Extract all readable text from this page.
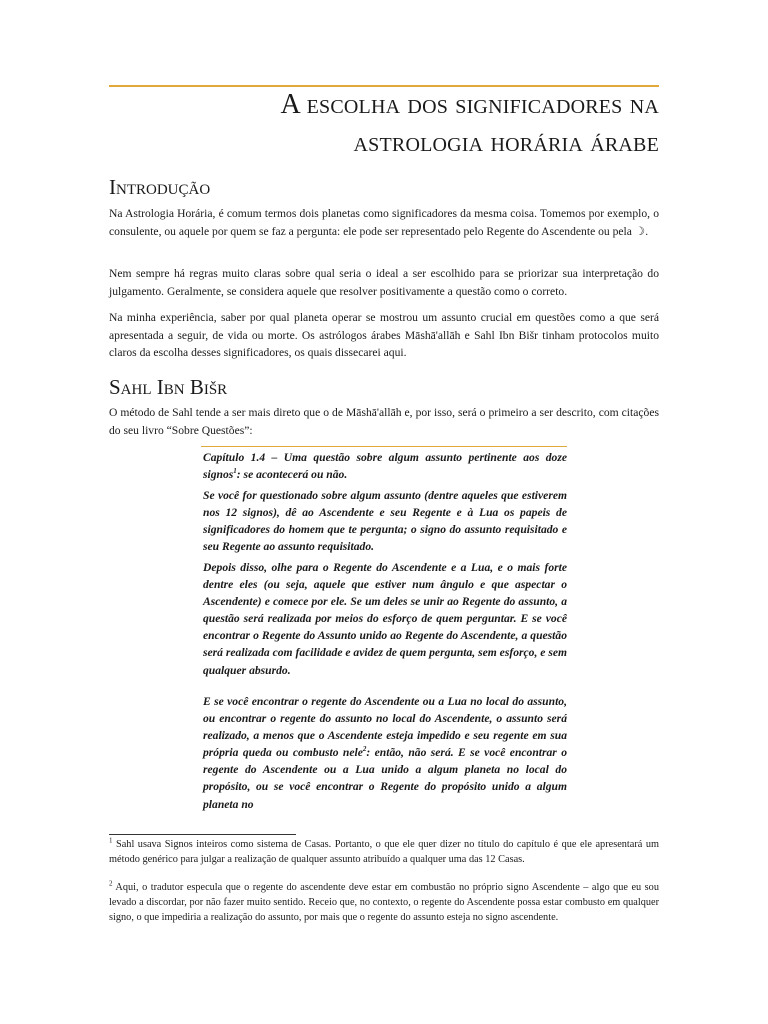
A escolha dos significadores na
astrologia horária árabe
Introdução

Na Astrologia Horária, é comum termos dois planetas como significadores da mesma coisa. Tomemos por exemplo, o consulente, ou aquele por quem se faz a pergunta: ele pode ser representado pelo Regente do Ascendente ou pela ☽.

Nem sempre há regras muito claras sobre qual seria o ideal a ser escolhido para se priorizar sua interpretação do julgamento. Geralmente, se considera aquele que resolver positivamente a questão como o correto.

Na minha experiência, saber por qual planeta operar se mostrou um assunto crucial em questões como a que será apresentada a seguir, de vida ou morte. Os astrólogos árabes Māshā'allāh e Sahl Ibn Bišr tinham protocolos muito claros da escolha desses significadores, os quais dissecarei aqui.

Sahl Ibn Bišr

O método de Sahl tende a ser mais direto que o de Māshā'allāh e, por isso, será o primeiro a ser descrito, com citações do seu livro “Sobre Questões”:

Capítulo 1.4 – Uma questão sobre algum assunto pertinente aos doze signos$^1$: se acontecerá ou não.

Se você for questionado sobre algum assunto (dentre aqueles que estiverem nos 12 signos), dê ao Ascendente e seu Regente e à Lua os papeis de significadores do homem que te pergunta; o signo do assunto requisitado e seu Regente ao assunto requisitado.

Depois disso, olhe para o Regente do Ascendente e a Lua, e o mais forte dentre eles (ou seja, aquele que estiver num ângulo e que aspectar o Ascendente) e comece por ele. Se um deles se unir ao Regente do assunto, a questão será realizada por meios do esforço de quem perguntar. E se você encontrar o Regente do Assunto unido ao Regente do Ascendente, a questão será realizada com facilidade e avidez de quem pergunta, sem esforço, e sem qualquer absurdo.

E se você encontrar o regente do Ascendente ou a Lua no local do assunto, ou encontrar o regente do assunto no local do Ascendente, o assunto será realizado, a menos que o Ascendente esteja impedido e seu regente em sua própria queda ou combusto nele$^2$: então, não será. E se você encontrar o regente do Ascendente ou a Lua unido a algum planeta no local do propósito, ou se você encontrar o Regente do propósito unido a algum planeta no

$^1$ Sahl usava Signos inteiros como sistema de Casas. Portanto, o que ele quer dizer no título do capítulo é que ele apresentará um método genérico para julgar a realização de qualquer assunto atribuído a qualquer uma das 12 Casas.

$^2$ Aqui, o tradutor especula que o regente do ascendente deve estar em combustão no próprio signo Ascendente – algo que eu sou levado a discordar, por não fazer muito sentido. Receio que, no contexto, o regente do Ascendente possa estar combusto em qualquer signo, o que impediria a realização do assunto, por mais que o regente do assunto esteja no signo ascendente.
